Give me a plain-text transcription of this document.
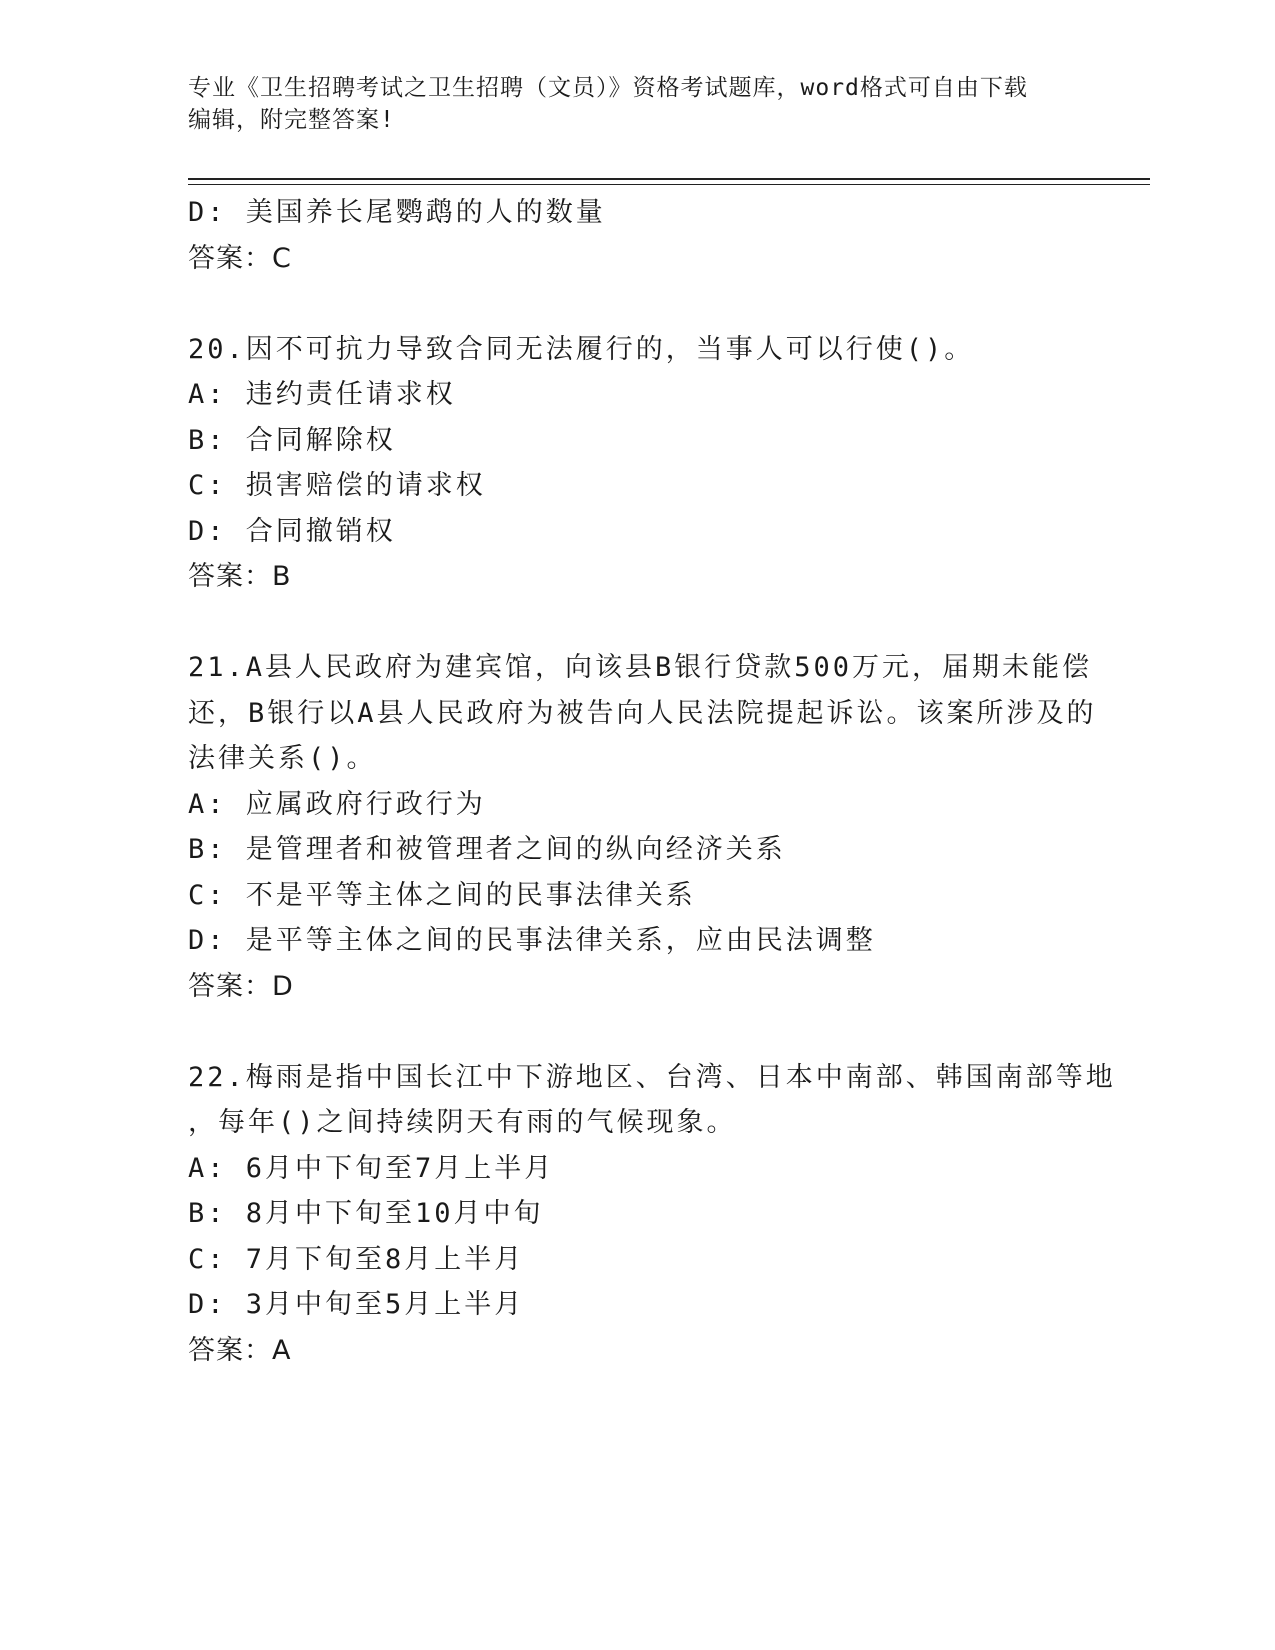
专业《卫生招聘考试之卫生招聘（文员）》资格考试题库，word格式可自由下载
编辑，附完整答案!
D: 美国养长尾鹦鹉的人的数量
答案：C
20.因不可抗力导致合同无法履行的，当事人可以行使()。
A: 违约责任请求权
B: 合同解除权
C: 损害赔偿的请求权
D: 合同撤销权
答案：B
21.A县人民政府为建宾馆，向该县B银行贷款500万元，届期未能偿
还，B银行以A县人民政府为被告向人民法院提起诉讼。该案所涉及的
法律关系()。
A: 应属政府行政行为
B: 是管理者和被管理者之间的纵向经济关系
C: 不是平等主体之间的民事法律关系
D: 是平等主体之间的民事法律关系，应由民法调整
答案：D
22.梅雨是指中国长江中下游地区、台湾、日本中南部、韩国南部等地
，每年()之间持续阴天有雨的气候现象。
A: 6月中下旬至7月上半月
B: 8月中下旬至10月中旬
C: 7月下旬至8月上半月
D: 3月中旬至5月上半月
答案：A
